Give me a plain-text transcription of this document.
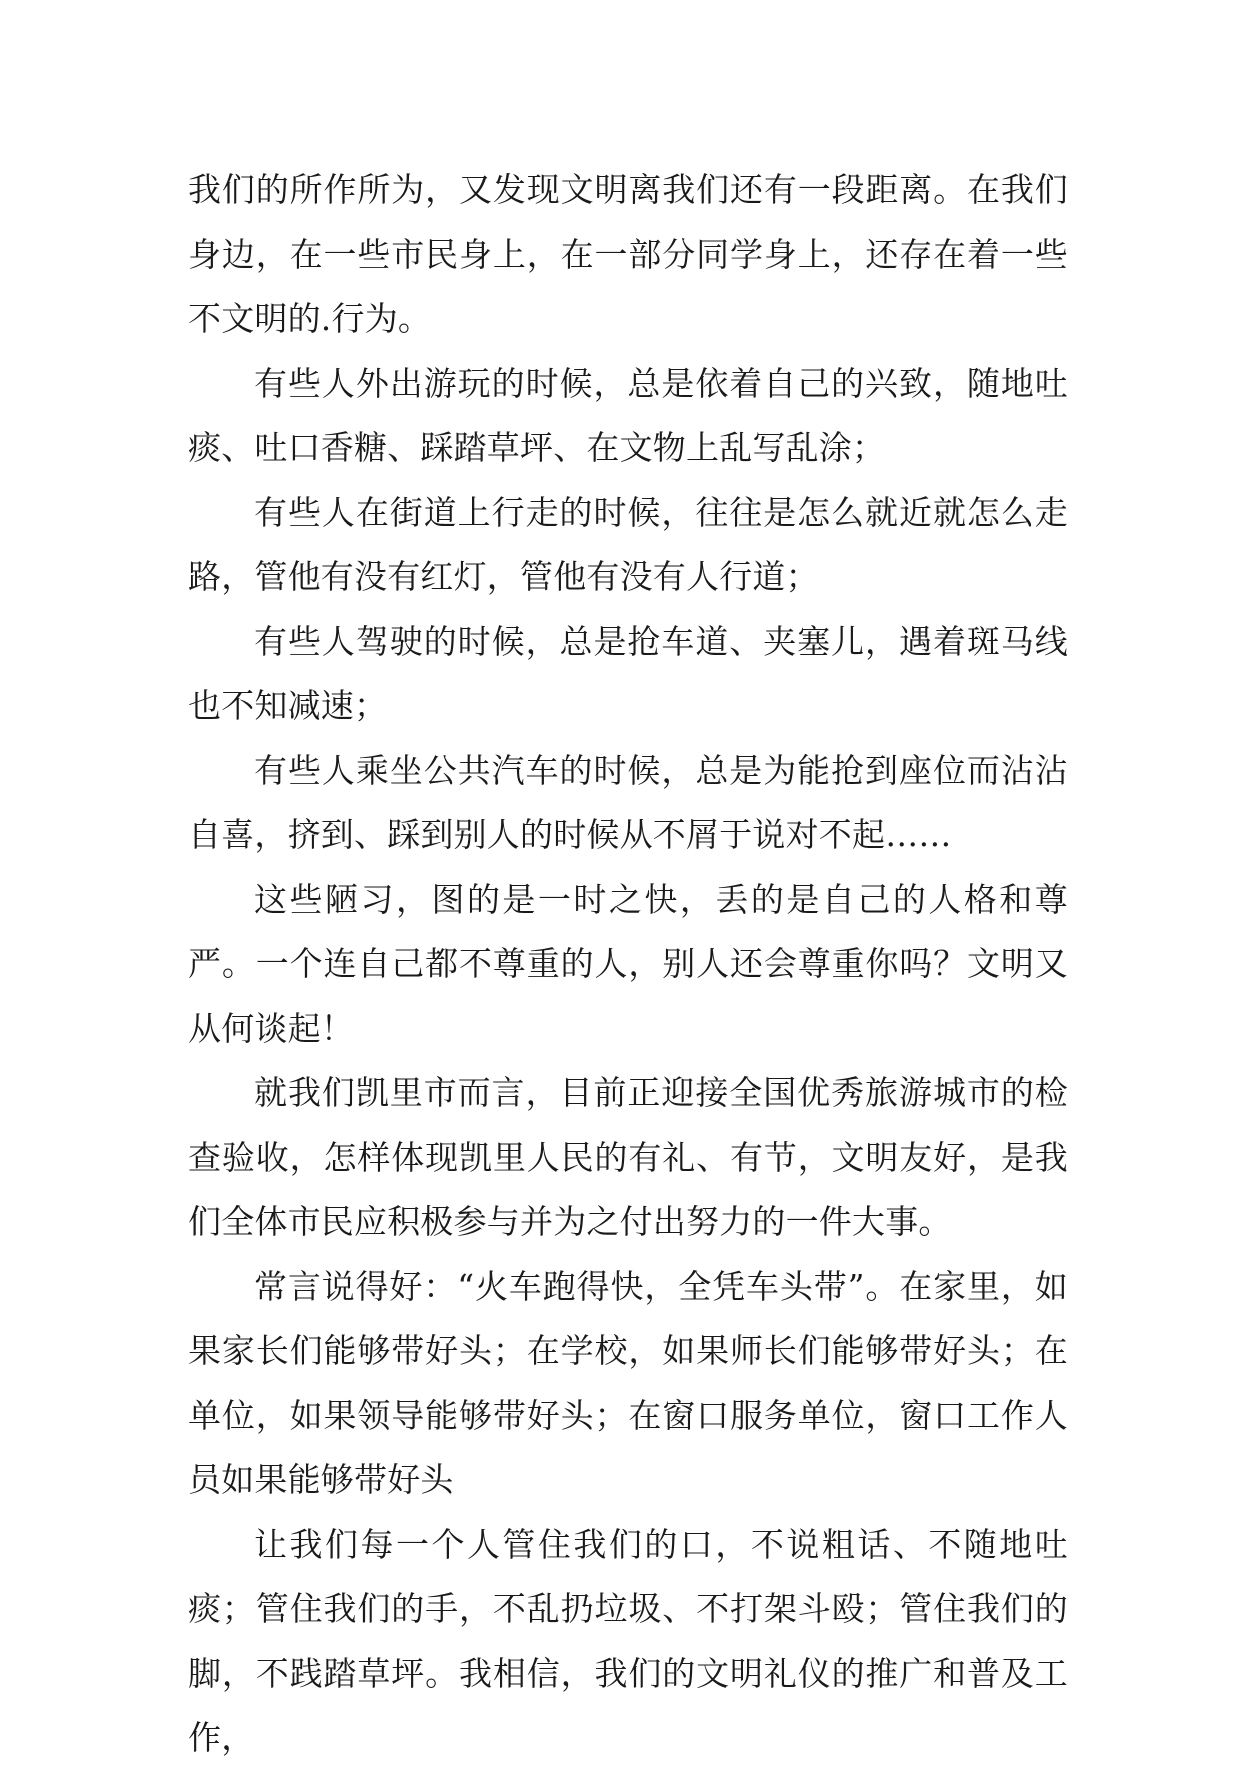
我们的所作所为，又发现文明离我们还有一段距离。在我们身边，在一些市民身上，在一部分同学身上，还存在着一些不文明的.行为。

有些人外出游玩的时候，总是依着自己的兴致，随地吐痰、吐口香糖、踩踏草坪、在文物上乱写乱涂；

有些人在街道上行走的时候，往往是怎么就近就怎么走路，管他有没有红灯，管他有没有人行道；

有些人驾驶的时候，总是抢车道、夹塞儿，遇着斑马线也不知减速；

有些人乘坐公共汽车的时候，总是为能抢到座位而沾沾自喜，挤到、踩到别人的时候从不屑于说对不起……

这些陋习，图的是一时之快，丢的是自己的人格和尊严。一个连自己都不尊重的人，别人还会尊重你吗？文明又从何谈起！

就我们凯里市而言，目前正迎接全国优秀旅游城市的检查验收，怎样体现凯里人民的有礼、有节，文明友好，是我们全体市民应积极参与并为之付出努力的一件大事。

常言说得好：“火车跑得快，全凭车头带”。在家里，如果家长们能够带好头；在学校，如果师长们能够带好头；在单位，如果领导能够带好头；在窗口服务单位，窗口工作人员如果能够带好头

让我们每一个人管住我们的口，不说粗话、不随地吐痰；管住我们的手，不乱扔垃圾、不打架斗殴；管住我们的脚，不践踏草坪。我相信，我们的文明礼仪的推广和普及工作，
